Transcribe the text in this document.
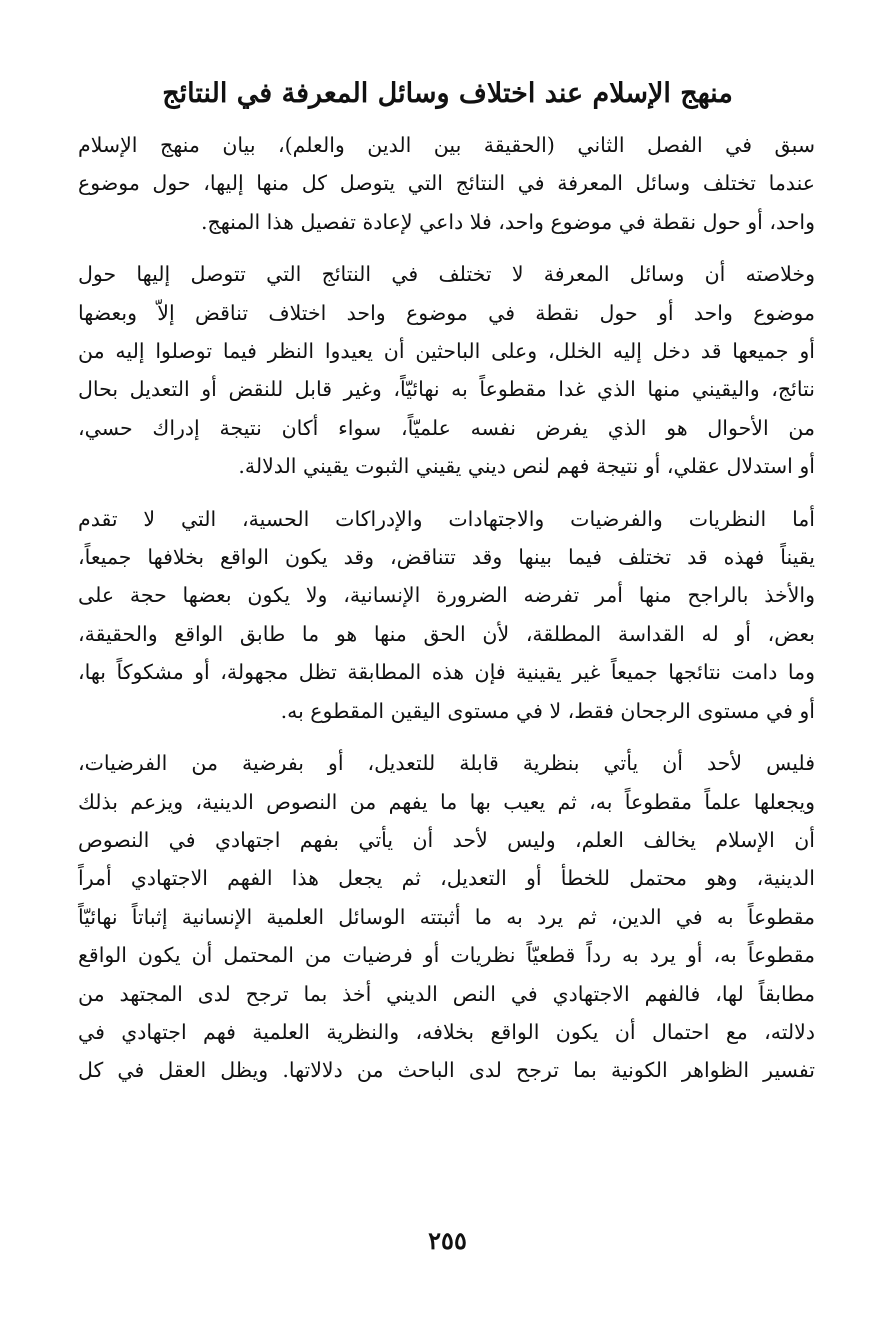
منهج الإسلام عند اختلاف وسائل المعرفة في النتائج

سبق في الفصل الثاني (الحقيقة بين الدين والعلم)، بيان منهج الإسلام
عندما تختلف وسائل المعرفة في النتائج التي يتوصل كل منها إليها، حول موضوع
واحد، أو حول نقطة في موضوع واحد، فلا داعي لإعادة تفصيل هذا المنهج.

وخلاصته أن وسائل المعرفة لا تختلف في النتائج التي تتوصل إليها حول
موضوع واحد أو حول نقطة في موضوع واحد اختلاف تناقض إلاّ وبعضها
أو جميعها قد دخل إليه الخلل، وعلى الباحثين أن يعيدوا النظر فيما توصلوا إليه من
نتائج، واليقيني منها الذي غدا مقطوعاً به نهائيّاً، وغير قابل للنقض أو التعديل بحال
من الأحوال هو الذي يفرض نفسه علميّاً، سواء أكان نتيجة إدراك حسي،
أو استدلال عقلي، أو نتيجة فهم لنص ديني يقيني الثبوت يقيني الدلالة.

أما النظريات والفرضيات والاجتهادات والإدراكات الحسية، التي لا تقدم
يقيناً فهذه قد تختلف فيما بينها وقد تتناقض، وقد يكون الواقع بخلافها جميعاً،
والأخذ بالراجح منها أمر تفرضه الضرورة الإنسانية، ولا يكون بعضها حجة على
بعض، أو له القداسة المطلقة، لأن الحق منها هو ما طابق الواقع والحقيقة،
وما دامت نتائجها جميعاً غير يقينية فإن هذه المطابقة تظل مجهولة، أو مشكوكاً بها،
أو في مستوى الرجحان فقط، لا في مستوى اليقين المقطوع به.

فليس لأحد أن يأتي بنظرية قابلة للتعديل، أو بفرضية من الفرضيات،
ويجعلها علماً مقطوعاً به، ثم يعيب بها ما يفهم من النصوص الدينية، ويزعم بذلك
أن الإسلام يخالف العلم، وليس لأحد أن يأتي بفهم اجتهادي في النصوص
الدينية، وهو محتمل للخطأ أو التعديل، ثم يجعل هذا الفهم الاجتهادي أمراً
مقطوعاً به في الدين، ثم يرد به ما أثبتته الوسائل العلمية الإنسانية إثباتاً نهائيّاً
مقطوعاً به، أو يرد به رداً قطعيّاً نظريات أو فرضيات من المحتمل أن يكون الواقع
مطابقاً لها، فالفهم الاجتهادي في النص الديني أخذ بما ترجح لدى المجتهد من
دلالته، مع احتمال أن يكون الواقع بخلافه، والنظرية العلمية فهم اجتهادي في
تفسير الظواهر الكونية بما ترجح لدى الباحث من دلالاتها. ويظل العقل في كل

٢٥٥
